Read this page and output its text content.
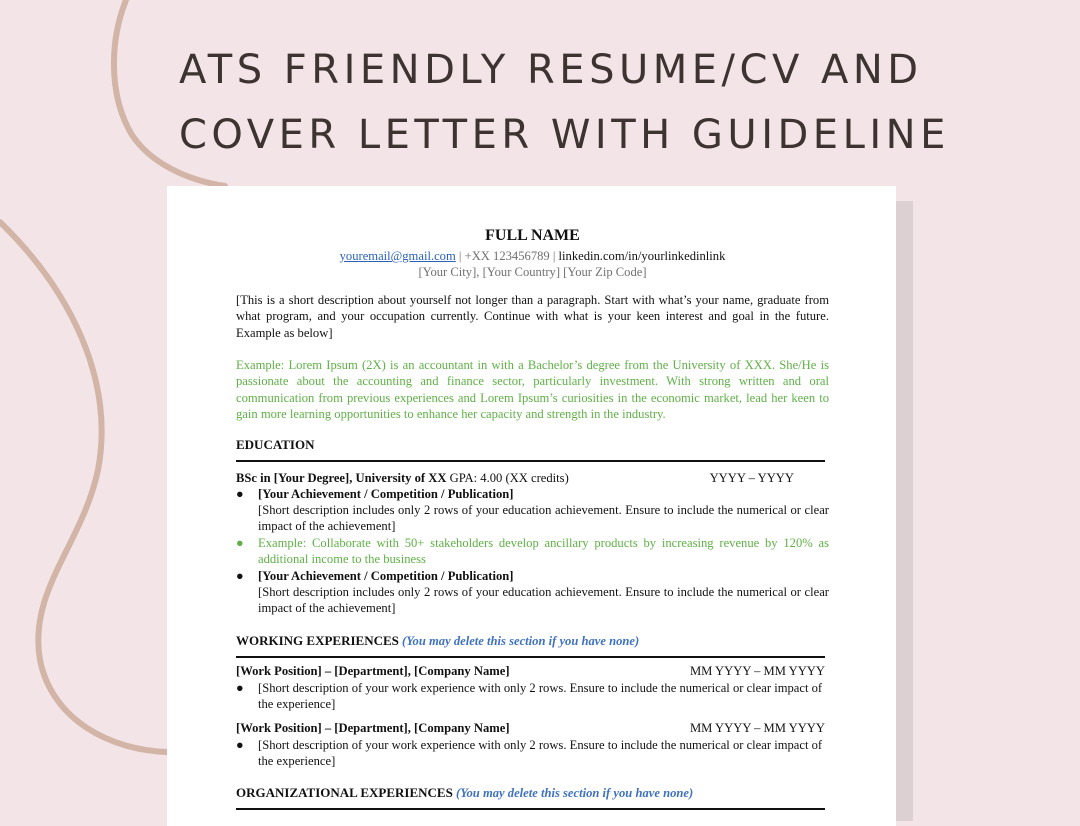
ATS FRIENDLY RESUME/CV AND
COVER LETTER WITH GUIDELINE
FULL NAME
youremail@gmail.com | +XX 123456789 | linkedin.com/in/yourlinkedinlink
[Your City], [Your Country] [Your Zip Code]
[This is a short description about yourself not longer than a paragraph. Start with what’s your name, graduate from what program, and your occupation currently. Continue with what is your keen interest and goal in the future. Example as below]
Example: Lorem Ipsum (2X) is an accountant in with a Bachelor’s degree from the University of XXX. She/He is passionate about the accounting and finance sector, particularly investment. With strong written and oral communication from previous experiences and Lorem Ipsum’s curiosities in the economic market, lead her keen to gain more learning opportunities to enhance her capacity and strength in the industry.
EDUCATION
BSc in [Your Degree], University of XX GPA: 4.00 (XX credits)	YYYY – YYYY
● [Your Achievement / Competition / Publication]
[Short description includes only 2 rows of your education achievement. Ensure to include the numerical or clear impact of the achievement]
● Example: Collaborate with 50+ stakeholders develop ancillary products by increasing revenue by 120% as additional income to the business
● [Your Achievement / Competition / Publication]
[Short description includes only 2 rows of your education achievement. Ensure to include the numerical or clear impact of the achievement]
WORKING EXPERIENCES (You may delete this section if you have none)
[Work Position] – [Department], [Company Name]	MM YYYY – MM YYYY
● [Short description of your work experience with only 2 rows. Ensure to include the numerical or clear impact of the experience]
[Work Position] – [Department], [Company Name]	MM YYYY – MM YYYY
● [Short description of your work experience with only 2 rows. Ensure to include the numerical or clear impact of the experience]
ORGANIZATIONAL EXPERIENCES (You may delete this section if you have none)
